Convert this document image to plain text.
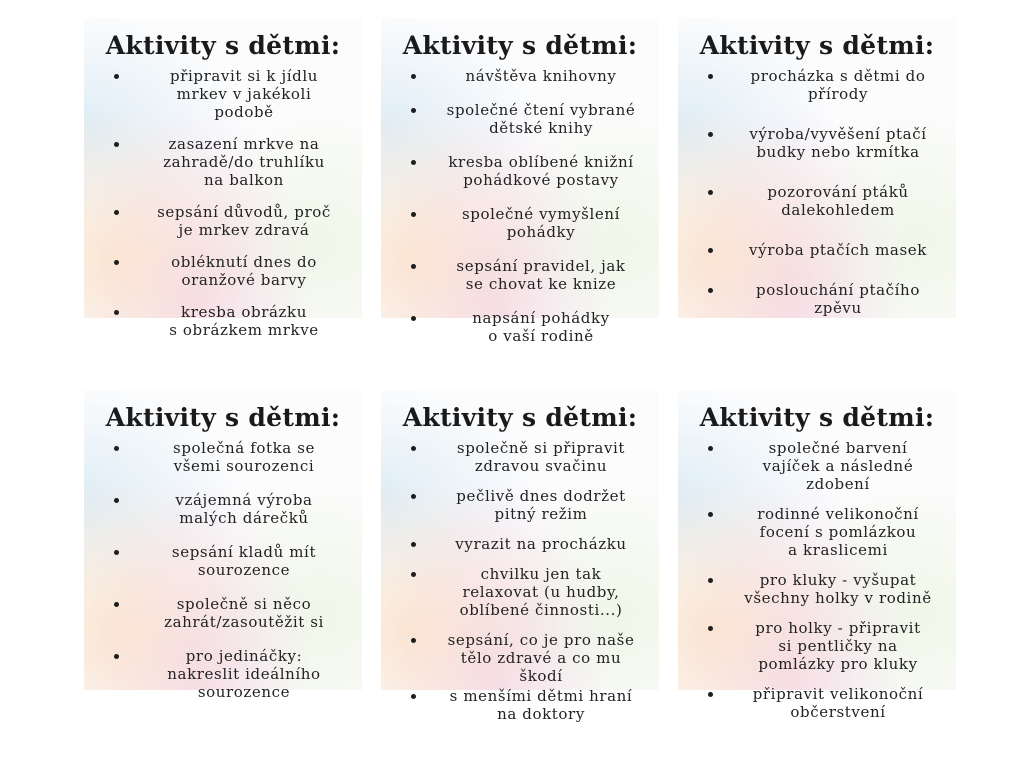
Aktivity s dětmi:
připravit si k jídlu
mrkev v jakékoli
podobě
zasazení mrkve na
zahradě/do truhlíku
na balkon
sepsání důvodů, proč
je mrkev zdravá
obléknutí dnes do
oranžové barvy
kresba obrázku
s obrázkem mrkve
Aktivity s dětmi:
návštěva knihovny
společné čtení vybrané
dětské knihy
kresba oblíbené knižní
pohádkové postavy
společné vymyšlení
pohádky
sepsání pravidel, jak
se chovat ke knize
napsání pohádky
o vaší rodině
Aktivity s dětmi:
procházka s dětmi do
přírody
výroba/vyvěšení ptačí
budky nebo krmítka
pozorování ptáků
dalekohledem
výroba ptačích masek
poslouchání ptačího
zpěvu
Aktivity s dětmi:
společná fotka se
všemi sourozenci
vzájemná výroba
malých dárečků
sepsání kladů mít
sourozence
společně si něco
zahrát/zasoutěžit si
pro jedináčky:
nakreslit ideálního
sourozence
Aktivity s dětmi:
společně si připravit
zdravou svačinu
pečlivě dnes dodržet
pitný režim
vyrazit na procházku
chvilku jen tak
relaxovat (u hudby,
oblíbené činnosti...)
sepsání, co je pro naše
tělo zdravé a co mu
škodí
s menšími dětmi hraní
na doktory
Aktivity s dětmi:
společné barvení
vajíček a následné
zdobení
rodinné velikonoční
focení s pomlázkou
a kraslicemi
pro kluky - vyšupat
všechny holky v rodině
pro holky - připravit
si pentličky na
pomlázky pro kluky
připravit velikonoční
občerstvení
